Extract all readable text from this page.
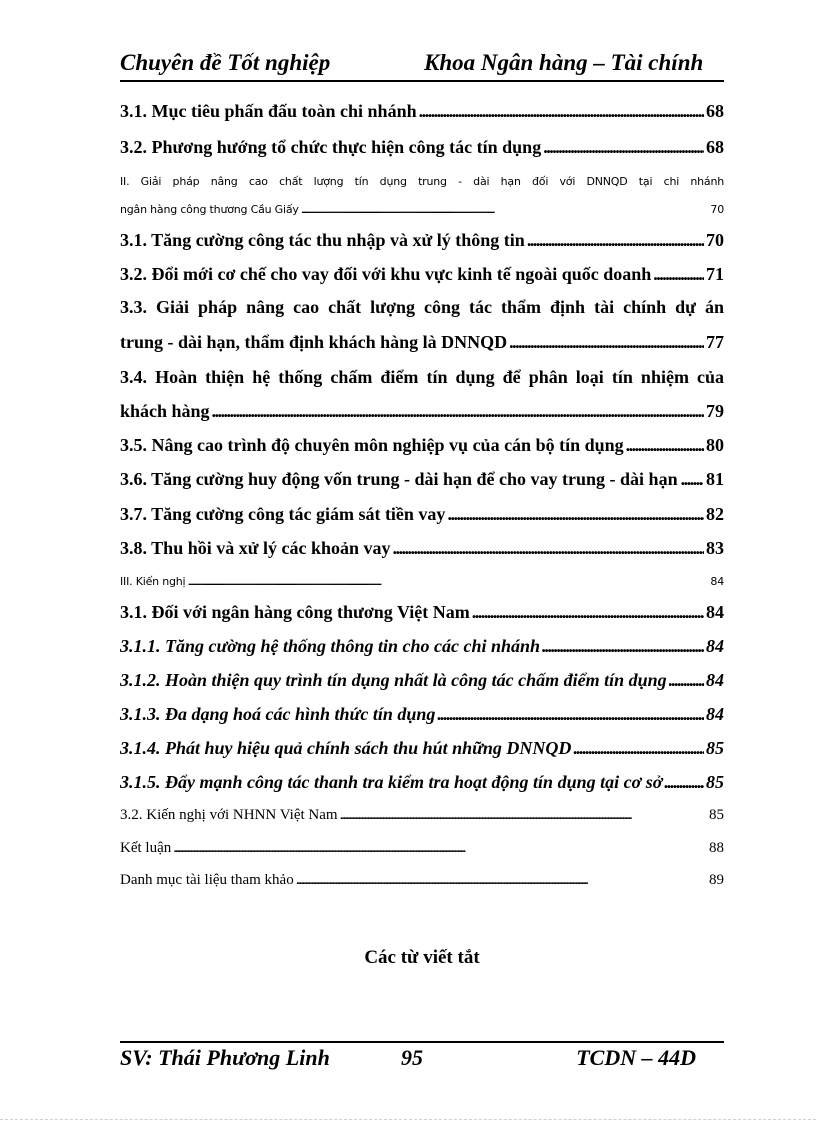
Chuyên đề Tốt nghiệp	Khoa Ngân hàng – Tài chính
3.1. Mục tiêu phấn đấu toàn chi nhánh . . .	68
3.2. Phương hướng tổ chức thực hiện công tác tín dụng . . .	68
II. Giải pháp nâng cao chất lượng tín dụng trung - dài hạn đối với DNNQD tại chi nhánh
ngân hàng công thương Cầu Giấy . . .	70
3.1. Tăng cường công tác thu nhập và xử lý thông tin . . .	70
3.2. Đổi mới cơ chế cho vay đối với khu vực kinh tế ngoài quốc doanh . . .	71
3.3. Giải pháp nâng cao chất lượng công tác thẩm định tài chính dự án
trung - dài hạn, thẩm định khách hàng là DNNQD . . .	77
3.4. Hoàn thiện hệ thống chấm điểm tín dụng để phân loại tín nhiệm của
khách hàng . . .	79
3.5. Nâng cao trình độ chuyên môn nghiệp vụ của cán bộ tín dụng . . .	80
3.6. Tăng cường huy động vốn trung - dài hạn để cho vay trung - dài hạn . . . 81
3.7. Tăng cường công tác giám sát tiền vay . . .	82
3.8. Thu hồi và xử lý các khoản vay . . .	83
III. Kiến nghị . . .	84
3.1. Đối với ngân hàng công thương Việt Nam . . .	84
3.1.1. Tăng cường hệ thống thông tin cho các chi nhánh . . .	84
3.1.2. Hoàn thiện quy trình tín dụng nhất là công tác chấm điểm tín dụng . . . 84
3.1.3. Đa dạng hoá các hình thức tín dụng . . .	84
3.1.4. Phát huy hiệu quả chính sách thu hút những DNNQD . . .	85
3.1.5. Đẩy mạnh công tác thanh tra kiểm tra hoạt động tín dụng tại cơ sở . . . 85
3.2. Kiến nghị với NHNN Việt Nam . . .	85
Kết luận . . .	88
Danh mục tài liệu tham khảo . . .	89
Các từ viết tắt
SV: Thái Phương Linh	95	TCDN – 44D
